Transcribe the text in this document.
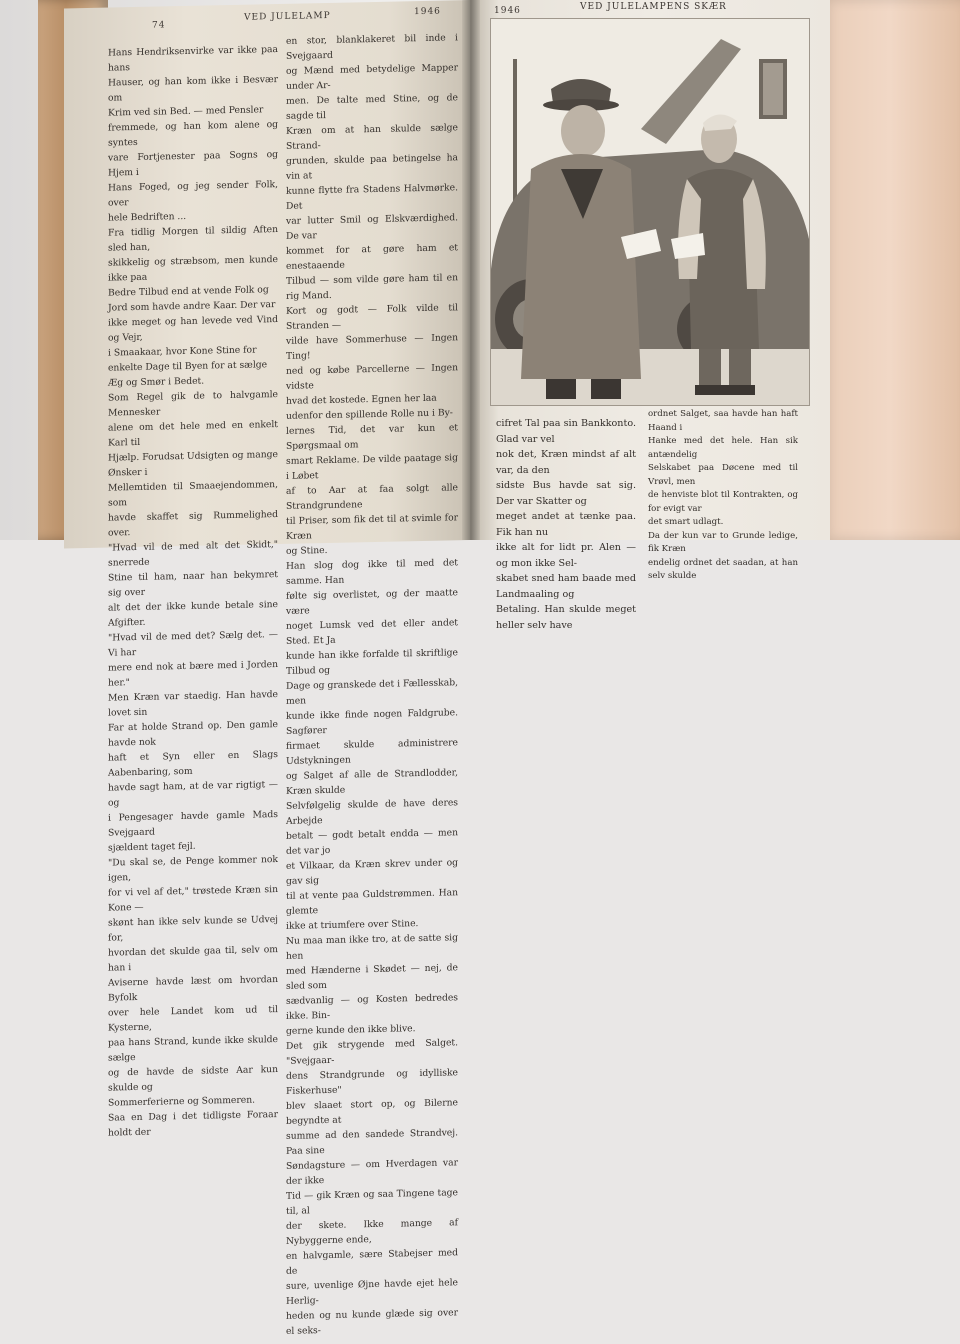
74
VED JULELAMP	1946

Hans Hendriksenvirke var ikke paa hans

Hauser, og han kom ikke i Besvær om

Krim ved sin Bed. — med Pensler

fremmede, og han kom alene og syntes

vare Fortjenester paa Sogns og Hjem i

Hans Foged, og jeg sender Folk, over

hele Bedriften ...

Fra tidlig Morgen til sildig Aften sled han,

skikkelig og stræbsom, men kunde ikke paa

Bedre Tilbud end at vende Folk og

Jord som havde andre Kaar. Der var

ikke meget og han levede ved Vind og Vejr,

i Smaakaar, hvor Kone Stine for

enkelte Dage til Byen for at sælge

Æg og Smør i Bedet.

Som Regel gik de to halvgamle Mennesker

alene om det hele med en enkelt Karl til

Hjælp. Forudsat Udsigten og mange Ønsker i

Mellemtiden til Smaaejendommen, som

havde skaffet sig Rummelighed over.

"Hvad vil de med alt det Skidt," snerrede

Stine til ham, naar han bekymret sig over

alt det der ikke kunde betale sine Afgifter.

"Hvad vil de med det? Sælg det. — Vi har

mere end nok at bære med i Jorden her."

Men Kræn var staedig. Han havde lovet sin

Far at holde Strand op. Den gamle havde nok

haft et Syn eller en Slags Aabenbaring, som

havde sagt ham, at de var rigtigt — og

i Pengesager havde gamle Mads Svejgaard

sjældent taget fejl.

"Du skal se, de Penge kommer nok igen,

for vi vel af det," trøstede Kræn sin Kone —

skønt han ikke selv kunde se Udvej for,

hvordan det skulde gaa til, selv om han i

Aviserne havde læst om hvordan Byfolk

over hele Landet kom ud til Kysterne,

paa hans Strand, kunde ikke skulde sælge

og de havde de sidste Aar kun skulde og

Sommerferierne og Sommeren.

Saa en Dag i det tidligste Foraar holdt der

en stor, blanklakeret bil inde i Svejgaard

og Mænd med betydelige Mapper under Ar-

men. De talte med Stine, og de sagde til

Kræn om at han skulde sælge Strand-

grunden, skulde paa betingelse ha vin at

kunne flytte fra Stadens Halvmørke. Det

var lutter Smil og Elskværdighed. De var

kommet for at gøre ham et enestaaende

Tilbud — som vilde gøre ham til en rig Mand.

Kort og godt — Folk vilde til Stranden —

vilde have Sommerhuse — Ingen Ting!

ned og købe Parcellerne — Ingen vidste

hvad det kostede. Egnen her laa

udenfor den spillende Rolle nu i By-

lernes Tid, det var kun et Spørgsmaal om

smart Reklame. De vilde paatage sig i Løbet

af to Aar at faa solgt alle Strandgrundene

til Priser, som fik det til at svimle for Kræn

og Stine.

Han slog dog ikke til med det samme. Han

følte sig overlistet, og der maatte være

noget Lumsk ved det eller andet Sted. Et Ja

kunde han ikke forfalde til skriftlige Tilbud og

Dage og granskede det i Fællesskab, men

kunde ikke finde nogen Faldgrube. Sagfører

firmaet skulde administrere Udstykningen

og Salget af alle de Strandlodder, Kræn skulde

Selvfølgelig skulde de have deres Arbejde

betalt — godt betalt endda — men det var jo

et Vilkaar, da Kræn skrev under og gav sig

til at vente paa Guldstrømmen. Han glemte

ikke at triumfere over Stine.

Nu maa man ikke tro, at de satte sig hen

med Hænderne i Skødet — nej, de sled som

sædvanlig — og Kosten bedredes ikke. Bin-

gerne kunde den ikke blive.

Det gik strygende med Salget. "Svejgaar-

dens Strandgrunde og idylliske Fiskerhuse"

blev slaaet stort op, og Bilerne begyndte at

summe ad den sandede Strandvej. Paa sine

Søndagsture — om Hverdagen var der ikke

Tid — gik Kræn og saa Tingene tage til, al

der skete. Ikke mange af Nybyggerne ende,

en halvgamle, sære Stabejser med de

sure, uvenlige Øjne havde ejet hele Herlig-

heden og nu kunde glæde sig over el seks-

1946	VED JULELAMPENS SKÆR

cifret Tal paa sin Bankkonto. Glad var vel

nok det, Kræn mindst af alt var, da den

sidste Bus havde sat sig. Der var Skatter og

meget andet at tænke paa. Fik han nu

ikke alt for lidt pr. Alen — og mon ikke Sel-

skabet sned ham baade med Landmaaling og

Betaling. Han skulde meget heller selv have

ordnet Salget, saa havde han haft Haand i

Hanke med det hele. Han sik antændelig

Selskabet paa Døcene med til Vrøvl, men

de henviste blot til Kontrakten, og for evigt var

det smart udlagt.

Da der kun var to Grunde ledige, fik Kræn

endelig ordnet det saadan, at han selv skulde
